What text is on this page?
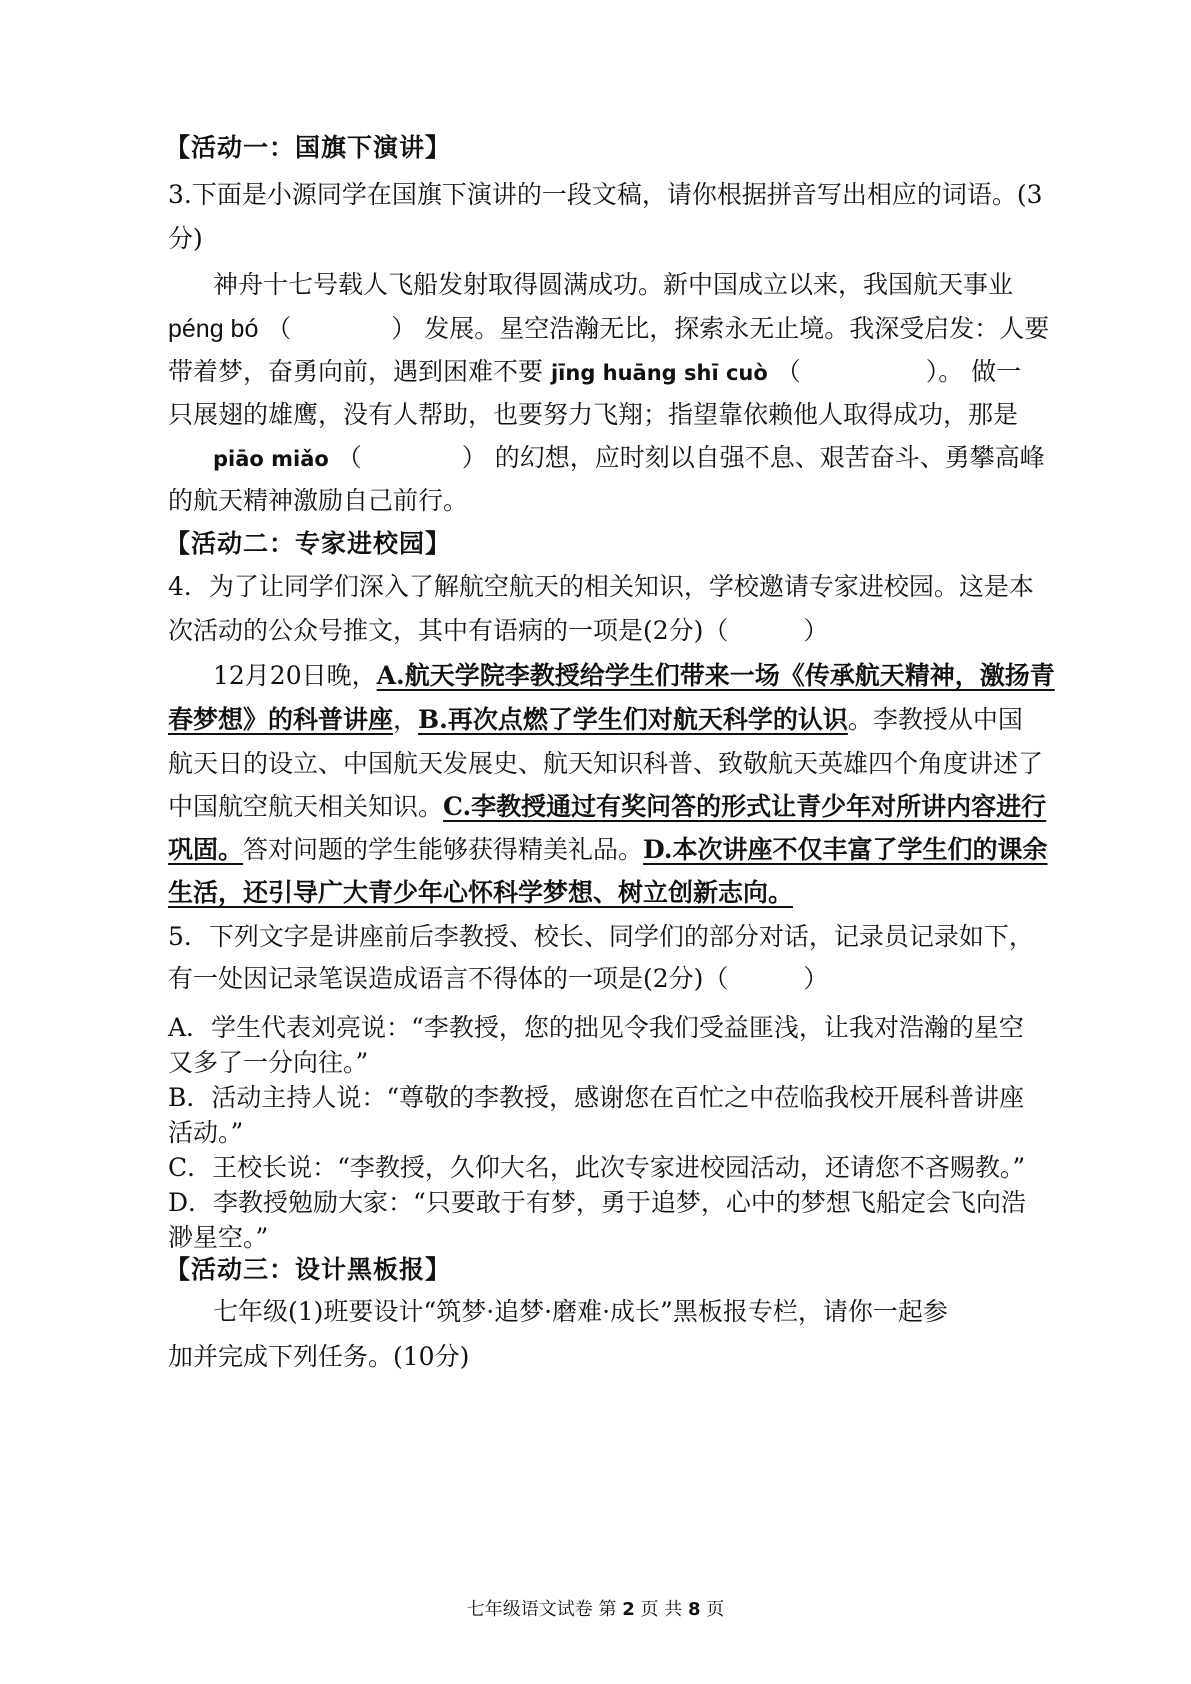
【活动一：国旗下演讲】
3.下面是小源同学在国旗下演讲的一段文稿，请你根据拼音写出相应的词语。(3
分)
神舟十七号载人飞船发射取得圆满成功。新中国成立以来，我国航天事业
péng bó （　　　　） 发展。星空浩瀚无比，探索永无止境。我深受启发：人要
带着梦，奋勇向前，遇到困难不要 jīng huāng shī cuò （　　　　　）。 做一
只展翅的雄鹰，没有人帮助，也要努力飞翔；指望靠依赖他人取得成功，那是
piāo miǎo （　　　　） 的幻想，应时刻以自强不息、艰苦奋斗、勇攀高峰
的航天精神激励自己前行。
【活动二：专家进校园】
4．为了让同学们深入了解航空航天的相关知识，学校邀请专家进校园。这是本
次活动的公众号推文，其中有语病的一项是(2分)（　　　）
12月20日晚，A.航天学院李教授给学生们带来一场《传承航天精神，激扬青
春梦想》的科普讲座，B.再次点燃了学生们对航天科学的认识。李教授从中国
航天日的设立、中国航天发展史、航天知识科普、致敬航天英雄四个角度讲述了
中国航空航天相关知识。C.李教授通过有奖问答的形式让青少年对所讲内容进行
巩固。答对问题的学生能够获得精美礼品。D.本次讲座不仅丰富了学生们的课余
生活，还引导广大青少年心怀科学梦想、树立创新志向。
5．下列文字是讲座前后李教授、校长、同学们的部分对话，记录员记录如下，
有一处因记录笔误造成语言不得体的一项是(2分)（　　　）
A．学生代表刘亮说：“李教授，您的拙见令我们受益匪浅，让我对浩瀚的星空
又多了一分向往。”
B．活动主持人说：“尊敬的李教授，感谢您在百忙之中莅临我校开展科普讲座
活动。”
C．王校长说：“李教授，久仰大名，此次专家进校园活动，还请您不吝赐教。”
D．李教授勉励大家：“只要敢于有梦，勇于追梦，心中的梦想飞船定会飞向浩
渺星空。”
【活动三：设计黑板报】
七年级(1)班要设计“筑梦·追梦·磨难·成长”黑板报专栏，请你一起参
加并完成下列任务。(10分)
七年级语文试卷 第 2 页 共 8 页
